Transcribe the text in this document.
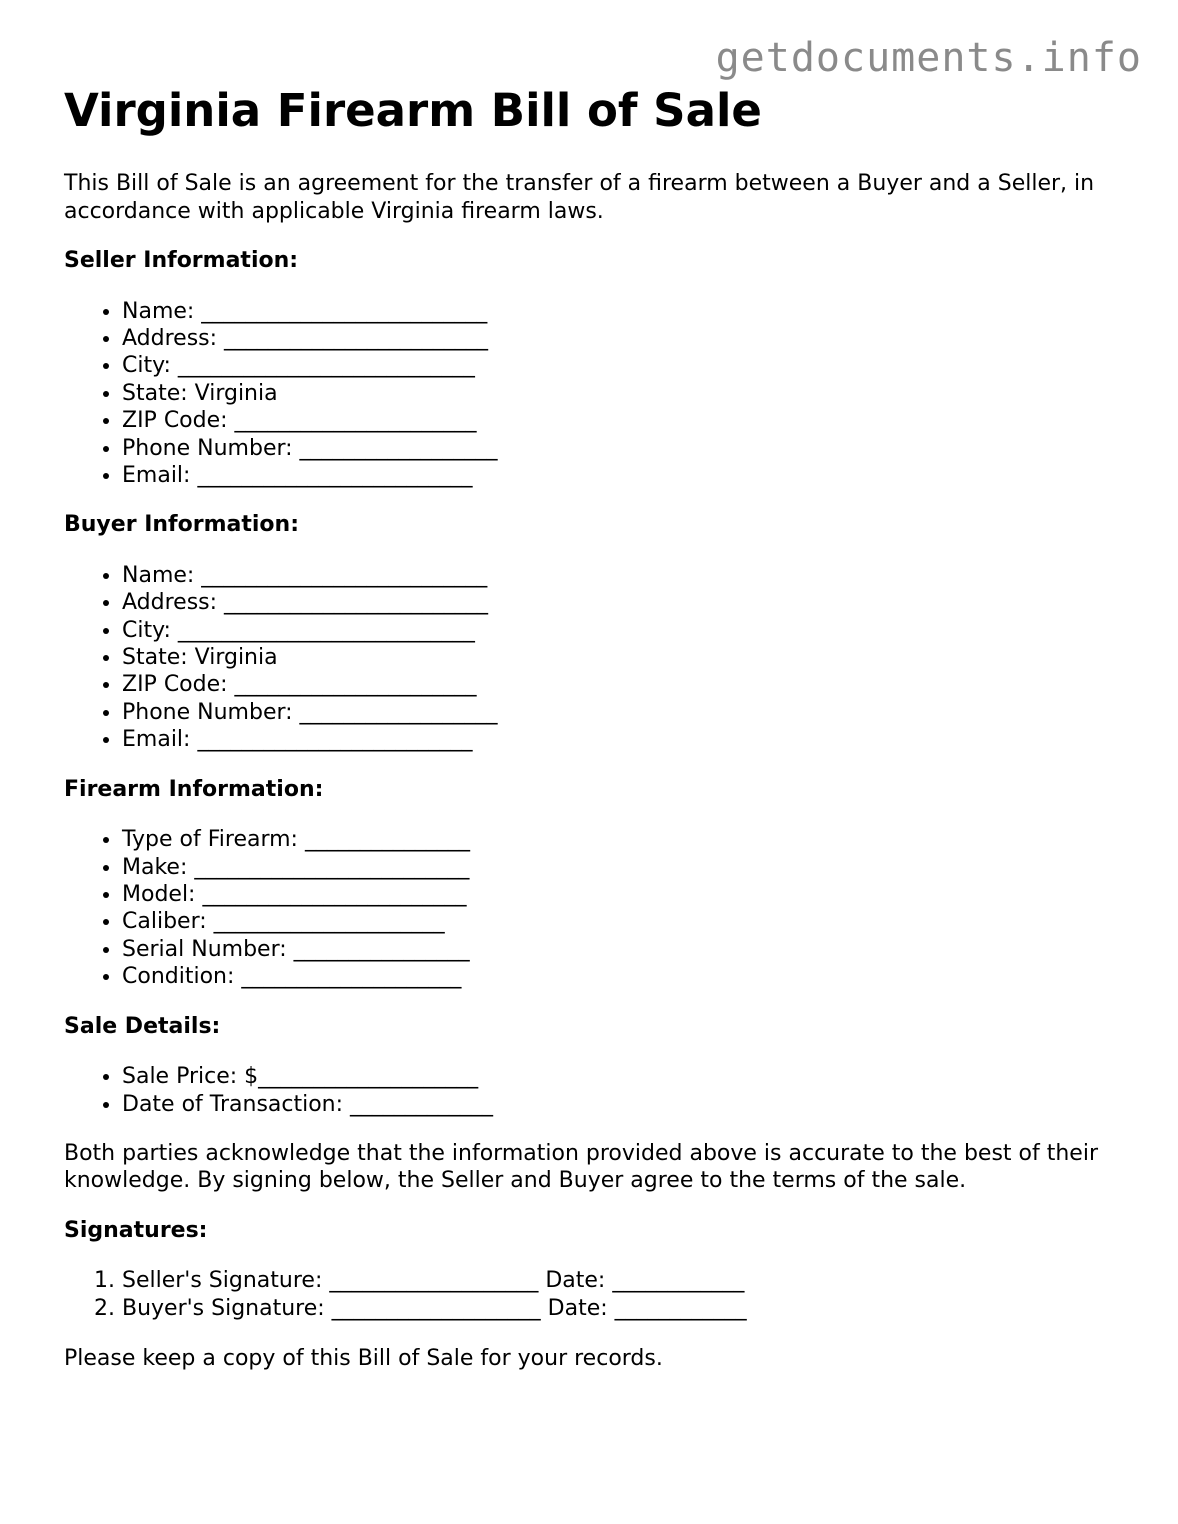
getdocuments.info
Virginia Firearm Bill of Sale

This Bill of Sale is an agreement for the transfer of a firearm between a Buyer and a Seller, in accordance with applicable Virginia firearm laws.

Seller Information:
• Name: __________________________
• Address: ________________________
• City: ___________________________
• State: Virginia
• ZIP Code: ______________________
• Phone Number: __________________
• Email: _________________________
Buyer Information:
• Name: __________________________
• Address: ________________________
• City: ___________________________
• State: Virginia
• ZIP Code: ______________________
• Phone Number: __________________
• Email: _________________________
Firearm Information:
• Type of Firearm: _______________
• Make: _________________________
• Model: ________________________
• Caliber: _____________________
• Serial Number: ________________
• Condition: ____________________
Sale Details:
• Sale Price: $____________________
• Date of Transaction: _____________

Both parties acknowledge that the information provided above is accurate to the best of their knowledge. By signing below, the Seller and Buyer agree to the terms of the sale.

Signatures:
1. Seller's Signature: ___________________ Date: ____________
2. Buyer's Signature: ___________________ Date: ____________

Please keep a copy of this Bill of Sale for your records.
